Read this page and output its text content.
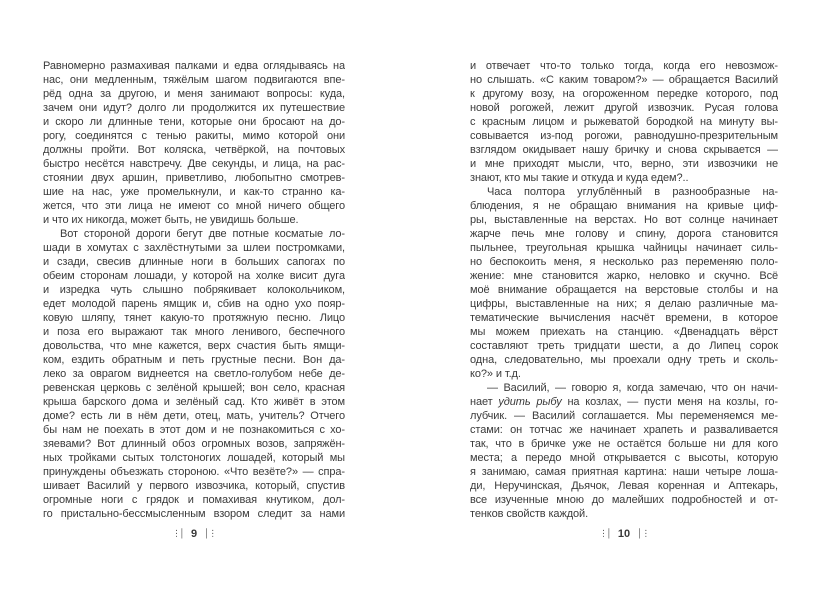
Равномерно размахивая палками и едва оглядываясь на
нас, они медленным, тяжёлым шагом подвигаются впе-
рёд одна за другою, и меня занимают вопросы: куда,
зачем они идут? долго ли продолжится их путешествие
и скоро ли длинные тени, которые они бросают на до-
рогу, соединятся с тенью ракиты, мимо которой они
должны пройти. Вот коляска, четвёркой, на почтовых
быстро несётся навстречу. Две секунды, и лица, на рас-
стоянии двух аршин, приветливо, любопытно смотрев-
шие на нас, уже промелькнули, и как-то странно ка-
жется, что эти лица не имеют со мной ничего общего
и что их никогда, может быть, не увидишь больше.
Вот стороной дороги бегут две потные косматые ло-
шади в хомутах с захлёстнутыми за шлеи постромками,
и сзади, свесив длинные ноги в больших сапогах по
обеим сторонам лошади, у которой на холке висит дуга
и изредка чуть слышно побрякивает колокольчиком,
едет молодой парень ямщик и, сбив на одно ухо пояр-
ковую шляпу, тянет какую-то протяжную песню. Лицо
и поза его выражают так много ленивого, беспечного
довольства, что мне кажется, верх счастия быть ямщи-
ком, ездить обратным и петь грустные песни. Вон да-
леко за оврагом виднеется на светло-голубом небе де-
ревенская церковь с зелёной крышей; вон село, красная
крыша барского дома и зелёный сад. Кто живёт в этом
доме? есть ли в нём дети, отец, мать, учитель? Отчего
бы нам не поехать в этот дом и не познакомиться с хо-
зяевами? Вот длинный обоз огромных возов, запряжён-
ных тройками сытых толстоногих лошадей, который мы
принуждены объезжать стороною. «Что везёте?» — спра-
шивает Василий у первого извозчика, который, спустив
огромные ноги с грядок и помахивая кнутиком, дол-
го пристально-бессмысленным взором следит за нами
и отвечает что-то только тогда, когда его невозмож-
но слышать. «С каким товаром?» — обращается Василий
к другому возу, на огороженном передке которого, под
новой рогожей, лежит другой извозчик. Русая голова
с красным лицом и рыжеватой бородкой на минуту вы-
совывается из-под рогожи, равнодушно-презрительным
взглядом окидывает нашу бричку и снова скрывается —
и мне приходят мысли, что, верно, эти извозчики не
знают, кто мы такие и откуда и куда едем?..
Часа полтора углублённый в разнообразные на-
блюдения, я не обращаю внимания на кривые циф-
ры, выставленные на верстах. Но вот солнце начинает
жарче печь мне голову и спину, дорога становится
пыльнее, треугольная крышка чайницы начинает силь-
но беспокоить меня, я несколько раз переменяю поло-
жение: мне становится жарко, неловко и скучно. Всё
моё внимание обращается на верстовые столбы и на
цифры, выставленные на них; я делаю различные ма-
тематические вычисления насчёт времени, в которое
мы можем приехать на станцию. «Двенадцать вёрст
составляют треть тридцати шести, а до Липец сорок
одна, следовательно, мы проехали одну треть и сколь-
ко?» и т.д.
— Василий, — говорю я, когда замечаю, что он начи-
нает удить рыбу на козлах, — пусти меня на козлы, го-
лубчик. — Василий соглашается. Мы переменяемся ме-
стами: он тотчас же начинает храпеть и разваливается
так, что в бричке уже не остаётся больше ни для кого
места; а передо мной открывается с высоты, которую
я занимаю, самая приятная картина: наши четыре лоша-
ди, Неручинская, Дьячок, Левая коренная и Аптекарь,
все изученные мною до малейших подробностей и от-
тенков свойств каждой.
⋮│ 9 │⋮	⋮│ 10 │⋮
